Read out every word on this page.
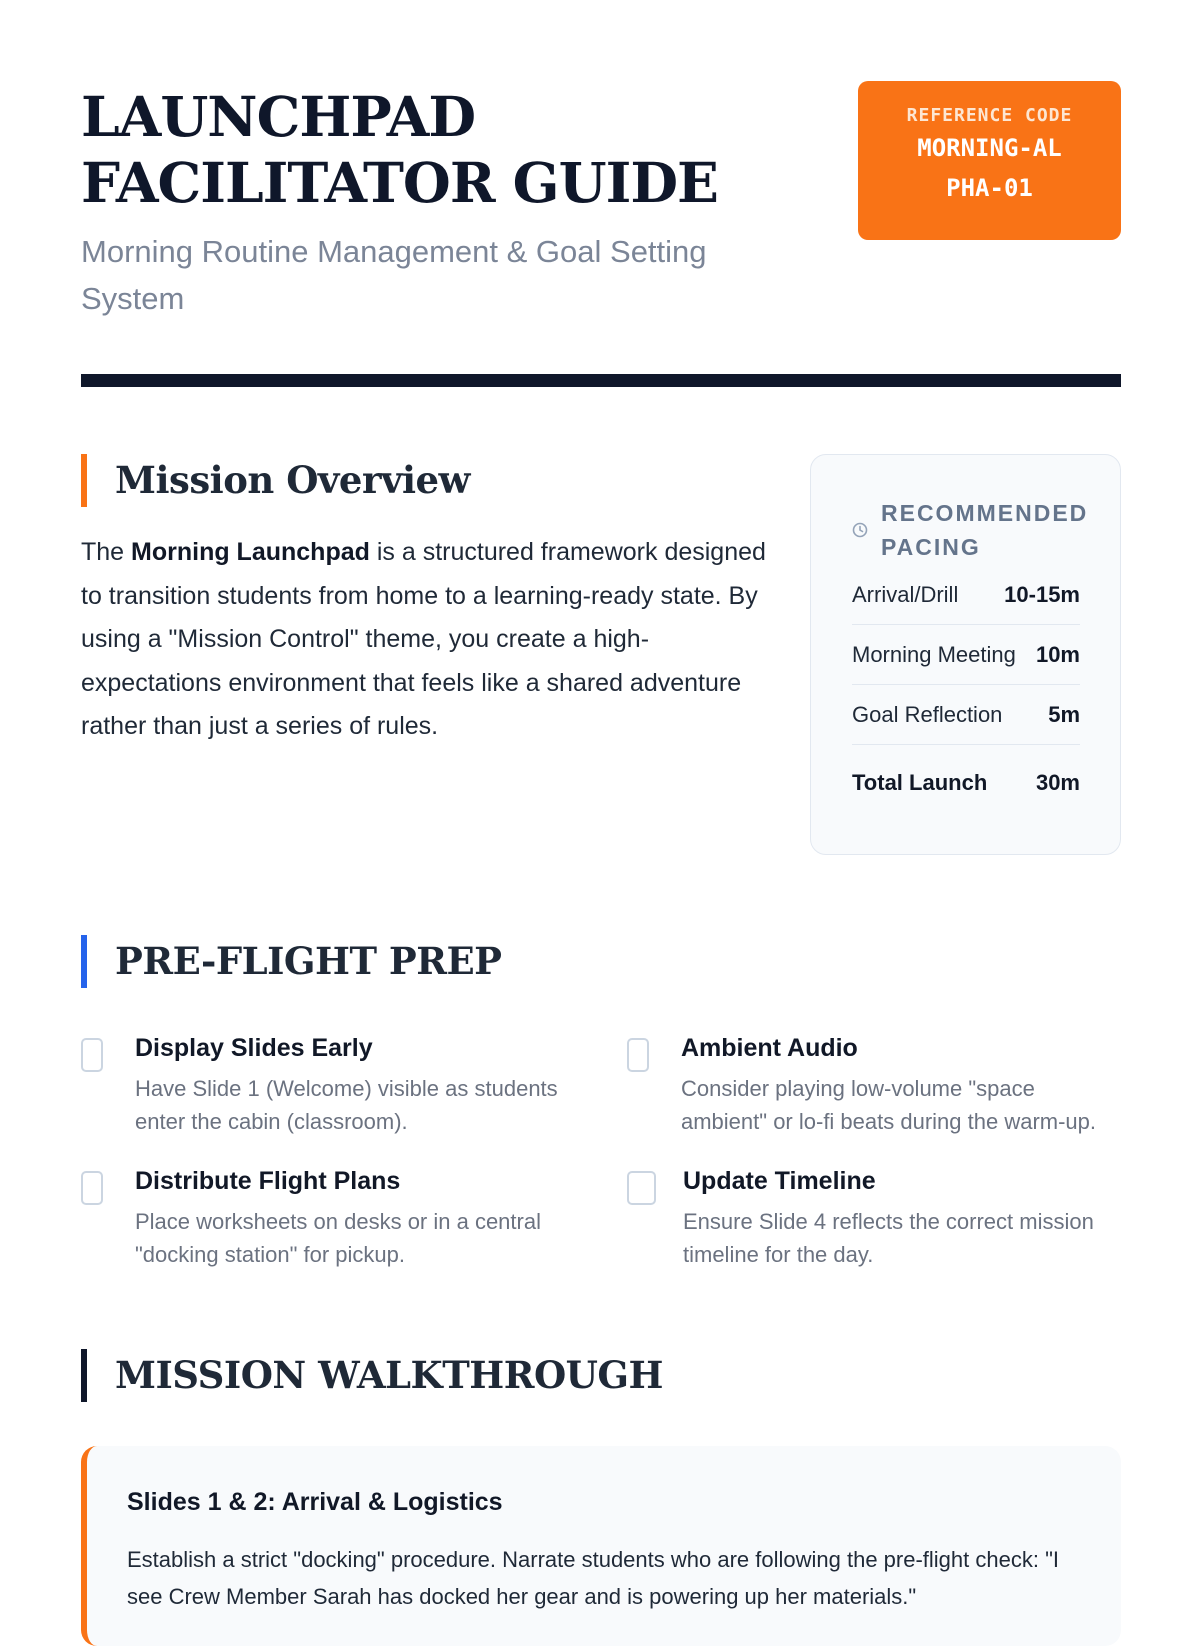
LAUNCHPAD FACILITATOR GUIDE

Morning Routine Management & Goal Setting System

REFERENCE CODE
MORNING-ALPHA-01
Mission Overview

The Morning Launchpad is a structured framework designed to transition students from home to a learning-ready state. By using a "Mission Control" theme, you create a high-expectations environment that feels like a shared adventure rather than just a series of rules.

RECOMMENDED PACING
Arrival/Drill 10-15m
Morning Meeting 10m
Goal Reflection 5m
Total Launch 30m
PRE-FLIGHT PREP
Display Slides Early
Have Slide 1 (Welcome) visible as students enter the cabin (classroom).
Ambient Audio
Consider playing low-volume "space ambient" or lo-fi beats during the warm-up.
Distribute Flight Plans
Place worksheets on desks or in a central "docking station" for pickup.
Update Timeline
Ensure Slide 4 reflects the correct mission timeline for the day.
MISSION WALKTHROUGH
Slides 1 & 2: Arrival & Logistics
Establish a strict "docking" procedure. Narrate students who are following the pre-flight check: "I see Crew Member Sarah has docked her gear and is powering up her materials."
